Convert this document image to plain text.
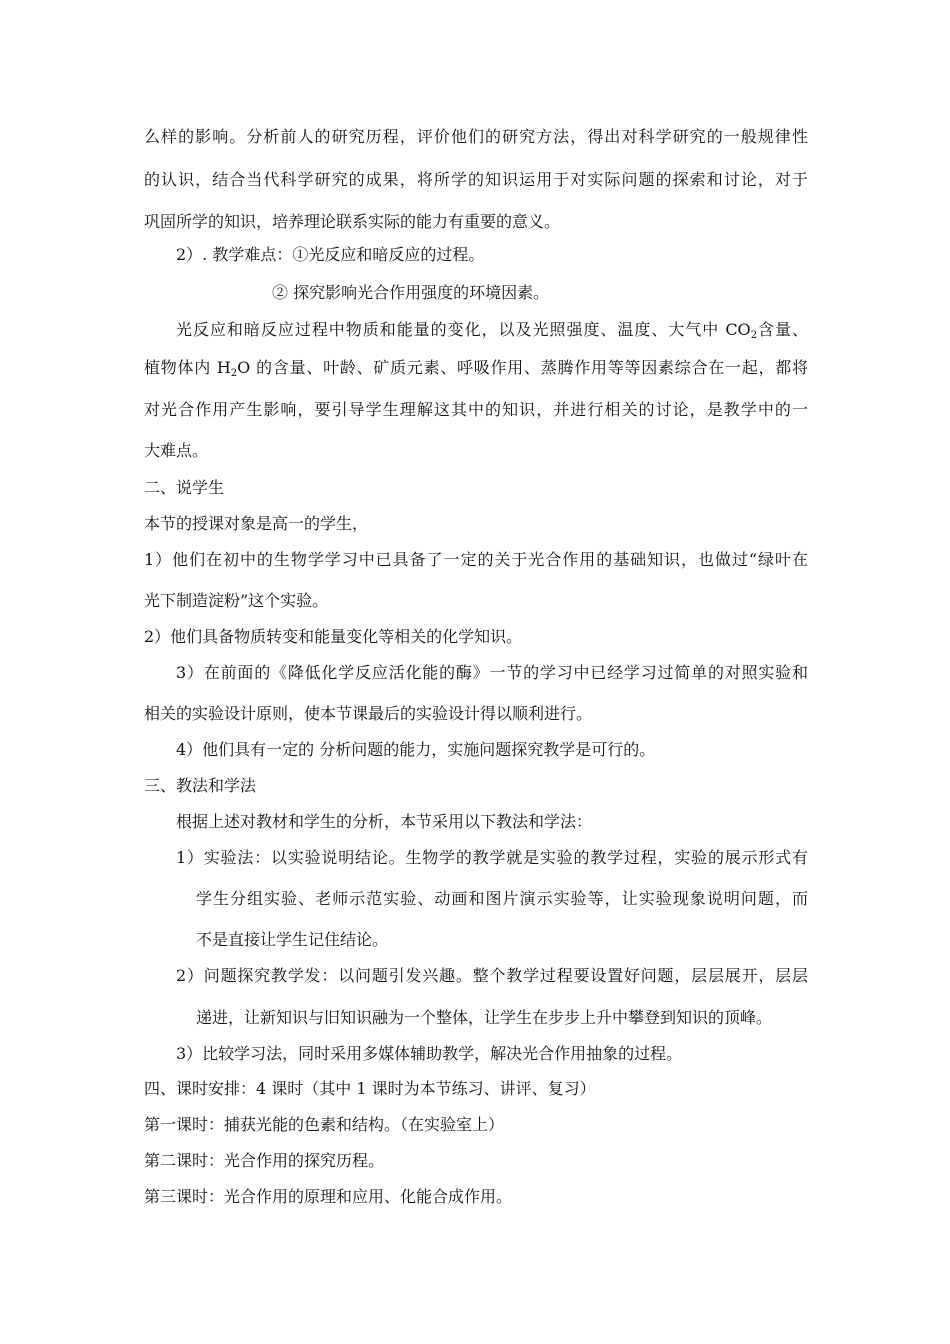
么样的影响。分析前人的研究历程，评价他们的研究方法，得出对科学研究的一般规律性
的认识，结合当代科学研究的成果，将所学的知识运用于对实际问题的探索和讨论，对于
巩固所学的知识，培养理论联系实际的能力有重要的意义。
2）. 教学难点：①光反应和暗反应的过程。
② 探究影响光合作用强度的环境因素。
光反应和暗反应过程中物质和能量的变化，以及光照强度、温度、大气中 $CO_2$含量、
植物体内 $H_2O$ 的含量、叶龄、矿质元素、呼吸作用、蒸腾作用等等因素综合在一起，都将
对光合作用产生影响，要引导学生理解这其中的知识，并进行相关的讨论，是教学中的一
大难点。
二、说学生
本节的授课对象是高一的学生，
1）他们在初中的生物学学习中已具备了一定的关于光合作用的基础知识，也做过“绿叶在
光下制造淀粉”这个实验。
2）他们具备物质转变和能量变化等相关的化学知识。
3）在前面的《降低化学反应活化能的酶》一节的学习中已经学习过简单的对照实验和
相关的实验设计原则，使本节课最后的实验设计得以顺利进行。
4）他们具有一定的 分析问题的能力，实施问题探究教学是可行的。
三、教法和学法
根据上述对教材和学生的分析，本节采用以下教法和学法：
1）实验法：以实验说明结论。生物学的教学就是实验的教学过程，实验的展示形式有
学生分组实验、老师示范实验、动画和图片演示实验等，让实验现象说明问题，而
不是直接让学生记住结论。
2）问题探究教学发：以问题引发兴趣。整个教学过程要设置好问题，层层展开，层层
递进，让新知识与旧知识融为一个整体，让学生在步步上升中攀登到知识的顶峰。
3）比较学习法，同时采用多媒体辅助教学，解决光合作用抽象的过程。
四、课时安排：4 课时（其中 1 课时为本节练习、讲评、复习）
第一课时：捕获光能的色素和结构。（在实验室上）
第二课时：光合作用的探究历程。
第三课时：光合作用的原理和应用、化能合成作用。
